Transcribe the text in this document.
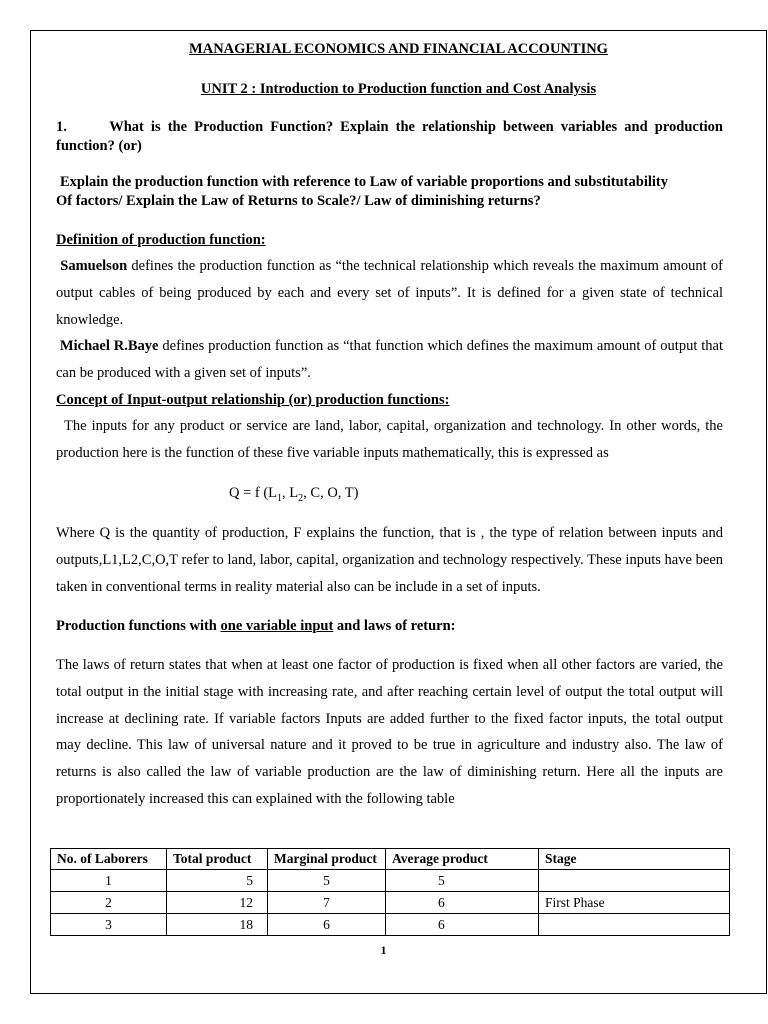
MANAGERIAL ECONOMICS AND FINANCIAL ACCOUNTING
UNIT 2 : Introduction to Production function and Cost Analysis

1.	What is the Production Function? Explain the relationship between variables and production function? (or)

Explain the production function with reference to Law of variable proportions and substitutability
Of factors/ Explain the Law of Returns to Scale?/ Law of diminishing returns?
Definition of production function:

Samuelson defines the production function as “the technical relationship which reveals the maximum amount of output cables of being produced by each and every set of inputs”. It is defined for a given state of technical knowledge.

Michael R.Baye defines production function as “that function which defines the maximum amount of output that can be produced with a given set of inputs”.

Concept of Input-output relationship (or) production functions:

The inputs for any product or service are land, labor, capital, organization and technology. In other words, the production here is the function of these five variable inputs mathematically, this is expressed as

Q = f ($L_1$, $L_2$, C, O, T)

Where Q is the quantity of production, F explains the function, that is , the type of relation between inputs and outputs,L1,L2,C,O,T refer to land, labor, capital, organization and technology respectively. These inputs have been taken in conventional terms in reality material also can be include in a set of inputs.

Production functions with one variable input and laws of return:

The laws of return states that when at least one factor of production is fixed when all other factors are varied, the total output in the initial stage with increasing rate, and after reaching certain level of output the total output will increase at declining rate. If variable factors Inputs are added further to the fixed factor inputs, the total output may decline. This law of universal nature and it proved to be true in agriculture and industry also. The law of returns is also called the law of variable production are the law of diminishing return. Here all the inputs are proportionately increased this can explained with the following table

No. of Laborers	Total product	Marginal product	Average product	Stage
1	5	5	5	
2	12	7	6	First Phase
3	18	6	6	
1
